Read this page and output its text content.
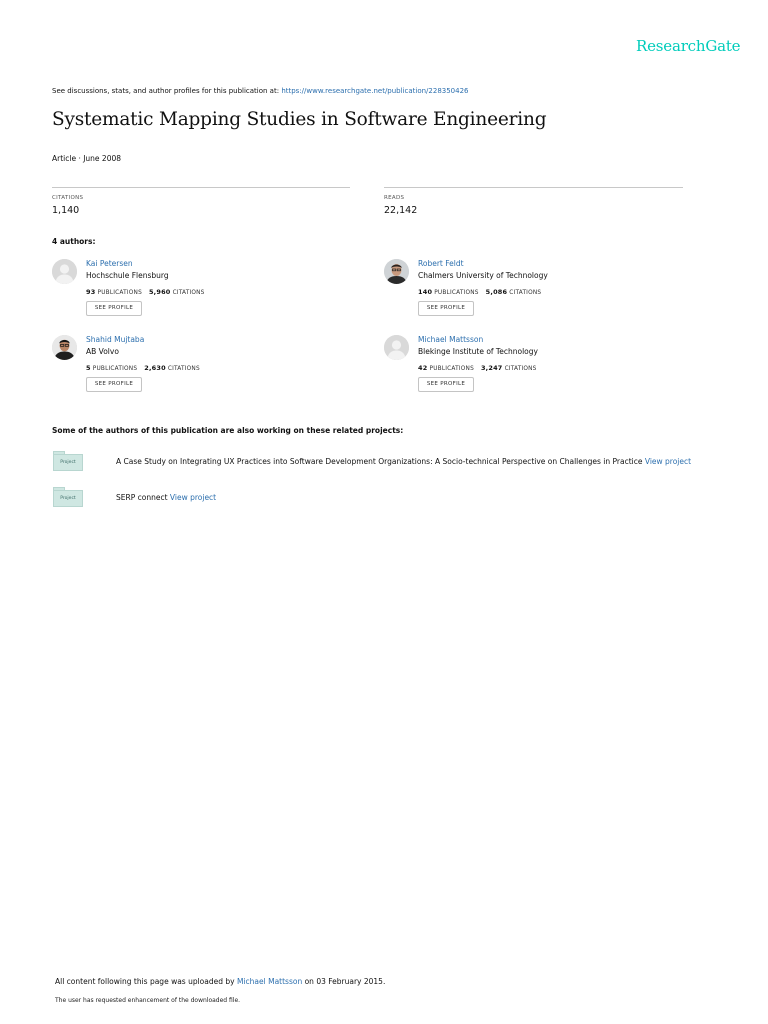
ResearchGate
See discussions, stats, and author profiles for this publication at: https://www.researchgate.net/publication/228350426
Systematic Mapping Studies in Software Engineering
Article · June 2008
CITATIONS
1,140
READS
22,142
4 authors:
Kai Petersen
Hochschule Flensburg
93 PUBLICATIONS 5,960 CITATIONS
SEE PROFILE
Robert Feldt
Chalmers University of Technology
140 PUBLICATIONS 5,086 CITATIONS
SEE PROFILE
Shahid Mujtaba
AB Volvo
5 PUBLICATIONS 2,630 CITATIONS
SEE PROFILE
Michael Mattsson
Blekinge Institute of Technology
42 PUBLICATIONS 3,247 CITATIONS
SEE PROFILE
Some of the authors of this publication are also working on these related projects:
Project	A Case Study on Integrating UX Practices into Software Development Organizations: A Socio-technical Perspective on Challenges in Practice View project
Project	SERP connect View project
All content following this page was uploaded by Michael Mattsson on 03 February 2015.
The user has requested enhancement of the downloaded file.
